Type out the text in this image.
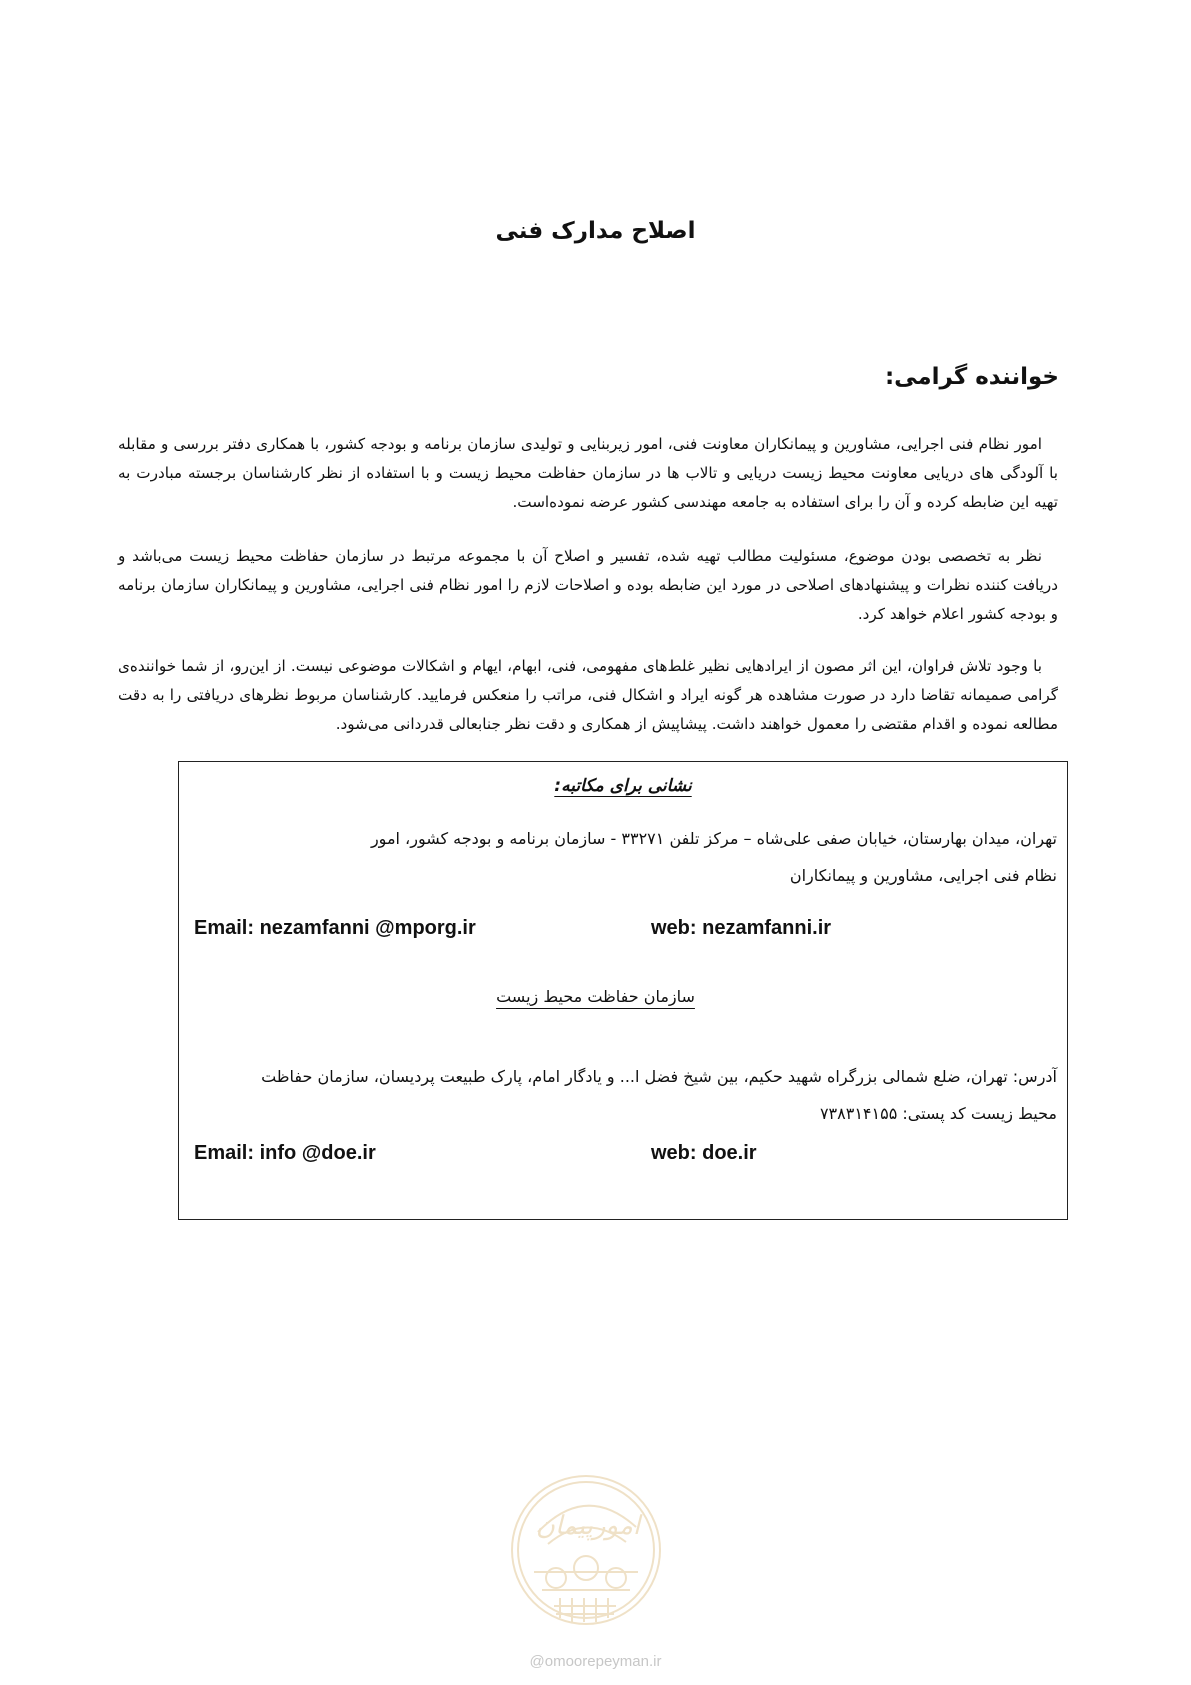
اصلاح مدارک فنی
خواننده گرامی:

امور نظام فنی اجرایی، مشاورین و پیمانکاران معاونت فنی، امور زیربنایی و تولیدی سازمان برنامه و بودجه کشور، با همکاری دفتر بررسی و مقابله با آلودگی های دریایی معاونت محیط زیست دریایی و تالاب ها در سازمان حفاظت محیط زیست و با استفاده از نظر کارشناسان برجسته مبادرت به تهیه این ضابطه کرده و آن را برای استفاده به جامعه مهندسی کشور عرضه نموده‌است.

نظر به تخصصی بودن موضوع، مسئولیت مطالب تهیه شده، تفسیر و اصلاح آن با مجموعه مرتبط در سازمان حفاظت محیط زیست می‌باشد و دریافت کننده نظرات و پیشنهادهای اصلاحی در مورد این ضابطه بوده و اصلاحات لازم را امور نظام فنی اجرایی، مشاورین و پیمانکاران سازمان برنامه و بودجه کشور اعلام خواهد کرد.

با وجود تلاش فراوان، این اثر مصون از ایرادهایی نظیر غلط‌های مفهومی، فنی، ابهام، ایهام و اشکالات موضوعی نیست. از این‌رو، از شما خواننده‌ی گرامی صمیمانه تقاضا دارد در صورت مشاهده هر گونه ایراد و اشکال فنی، مراتب را منعکس فرمایید. کارشناسان مربوط نظرهای دریافتی را به دقت مطالعه نموده و اقدام مقتضی را معمول خواهند داشت. پیشاپیش از همکاری و دقت نظر جنابعالی قدردانی می‌شود.

نشانی برای مکاتبه:
تهران، میدان بهارستان، خیابان صفی علی‌شاه – مرکز تلفن ۳۳۲۷۱ - سازمان برنامه و بودجه کشور، امور نظام فنی اجرایی، مشاورین و پیمانکاران
Email: nezamfanni @mporg.ir	web: nezamfanni.ir
سازمان حفاظت محیط زیست
آدرس: تهران، ضلع شمالی بزرگراه شهید حکیم، بین شیخ فضل ا... و یادگار امام، پارک طبیعت پردیسان، سازمان حفاظت محیط زیست کد پستی: ۷۳۸۳۱۴۱۵۵
Email: info @doe.ir	web: doe.ir
امورپیمان
@omoorepeyman.ir
